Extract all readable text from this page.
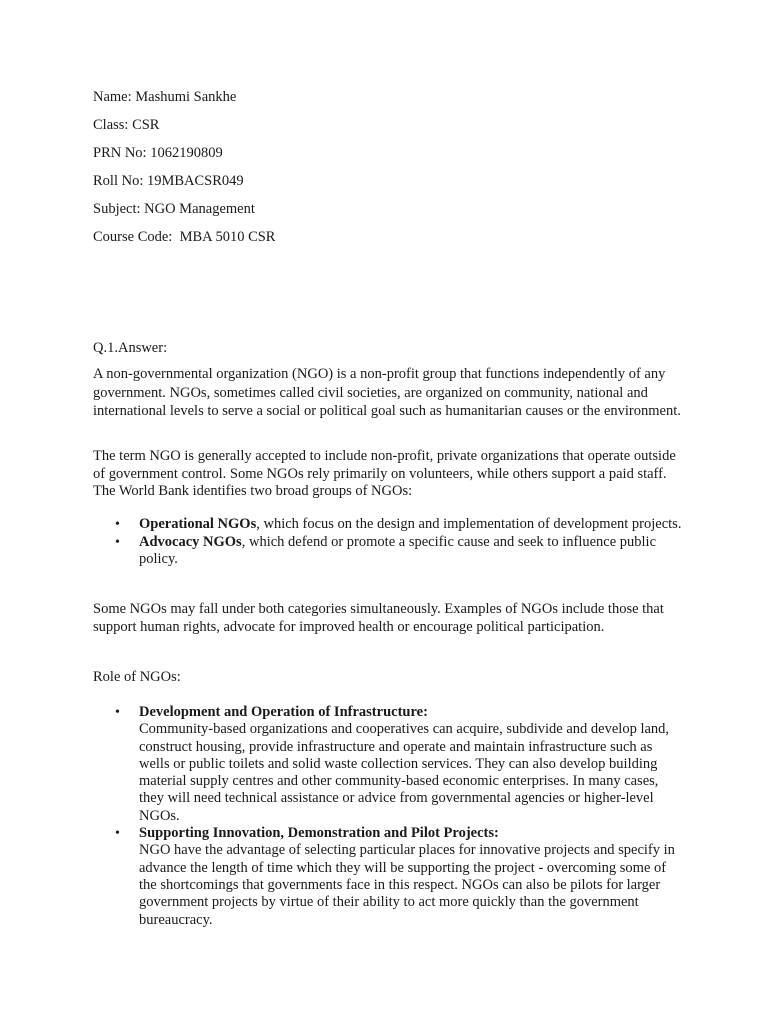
Name: Mashumi Sankhe
Class: CSR
PRN No: 1062190809
Roll No: 19MBACSR049
Subject: NGO Management
Course Code:  MBA 5010 CSR
Q.1.Answer:

A non-governmental organization (NGO) is a non-profit group that functions independently of any government. NGOs, sometimes called civil societies, are organized on community, national and international levels to serve a social or political goal such as humanitarian causes or the environment.

The term NGO is generally accepted to include non-profit, private organizations that operate outside of government control. Some NGOs rely primarily on volunteers, while others support a paid staff. The World Bank identifies two broad groups of NGOs:

• Operational NGOs, which focus on the design and implementation of development projects.
• Advocacy NGOs, which defend or promote a specific cause and seek to influence public policy.

Some NGOs may fall under both categories simultaneously. Examples of NGOs include those that support human rights, advocate for improved health or encourage political participation.

Role of NGOs:
• Development and Operation of Infrastructure:
Community-based organizations and cooperatives can acquire, subdivide and develop land, construct housing, provide infrastructure and operate and maintain infrastructure such as wells or public toilets and solid waste collection services. They can also develop building material supply centres and other community-based economic enterprises. In many cases, they will need technical assistance or advice from governmental agencies or higher-level NGOs.
• Supporting Innovation, Demonstration and Pilot Projects:
NGO have the advantage of selecting particular places for innovative projects and specify in advance the length of time which they will be supporting the project - overcoming some of the shortcomings that governments face in this respect. NGOs can also be pilots for larger government projects by virtue of their ability to act more quickly than the government bureaucracy.
